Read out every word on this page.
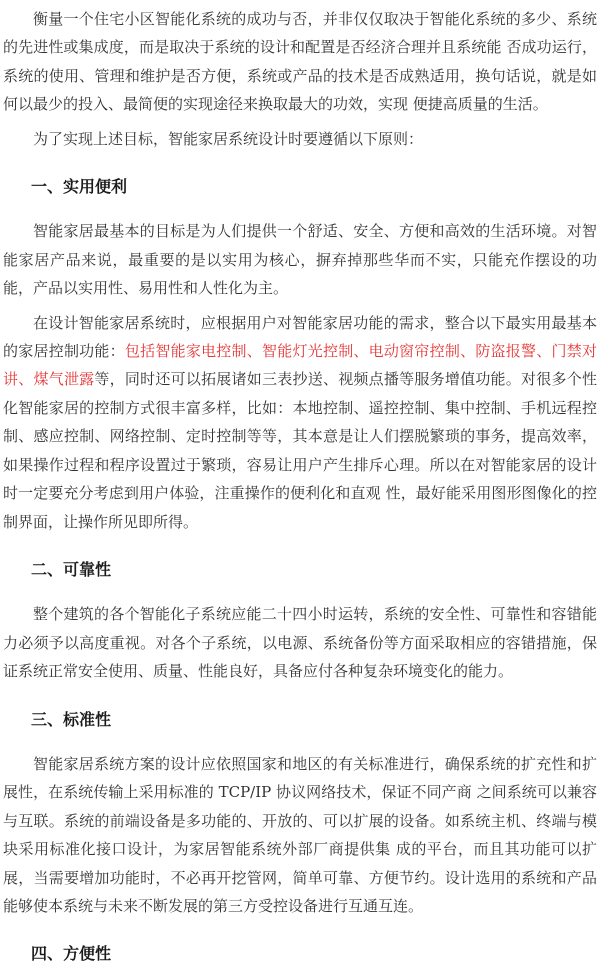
衡量一个住宅小区智能化系统的成功与否，并非仅仅取决于智能化系统的多少、系统的先进性或集成度，而是取决于系统的设计和配置是否经济合理并且系统能 否成功运行，系统的使用、管理和维护是否方便，系统或产品的技术是否成熟适用，换句话说，就是如何以最少的投入、最简便的实现途径来换取最大的功效，实现 便捷高质量的生活。

为了实现上述目标，智能家居系统设计时要遵循以下原则：

一、实用便利

智能家居最基本的目标是为人们提供一个舒适、安全、方便和高效的生活环境。对智能家居产品来说，最重要的是以实用为核心，摒弃掉那些华而不实，只能充作摆设的功能，产品以实用性、易用性和人性化为主。

在设计智能家居系统时，应根据用户对智能家居功能的需求，整合以下最实用最基本的家居控制功能：包括智能家电控制、智能灯光控制、电动窗帘控制、防盗报警、门禁对讲、煤气泄露等，同时还可以拓展诸如三表抄送、视频点播等服务增值功能。对很多个性化智能家居的控制方式很丰富多样，比如：本地控制、遥控控制、集中控制、手机远程控制、感应控制、网络控制、定时控制等等，其本意是让人们摆脱繁琐的事务，提高效率，如果操作过程和程序设置过于繁琐，容易让用户产生排斥心理。所以在对智能家居的设计时一定要充分考虑到用户体验，注重操作的便利化和直观 性，最好能采用图形图像化的控制界面，让操作所见即所得。

二、可靠性

整个建筑的各个智能化子系统应能二十四小时运转，系统的安全性、可靠性和容错能力必须予以高度重视。对各个子系统，以电源、系统备份等方面采取相应的容错措施，保证系统正常安全使用、质量、性能良好，具备应付各种复杂环境变化的能力。

三、标准性

智能家居系统方案的设计应依照国家和地区的有关标准进行，确保系统的扩充性和扩展性，在系统传输上采用标准的 TCP/IP 协议网络技术，保证不同产商 之间系统可以兼容与互联。系统的前端设备是多功能的、开放的、可以扩展的设备。如系统主机、终端与模块采用标准化接口设计，为家居智能系统外部厂商提供集 成的平台，而且其功能可以扩展，当需要增加功能时，不必再开挖管网，简单可靠、方便节约。设计选用的系统和产品能够使本系统与未来不断发展的第三方受控设备进行互通互连。

四、方便性
